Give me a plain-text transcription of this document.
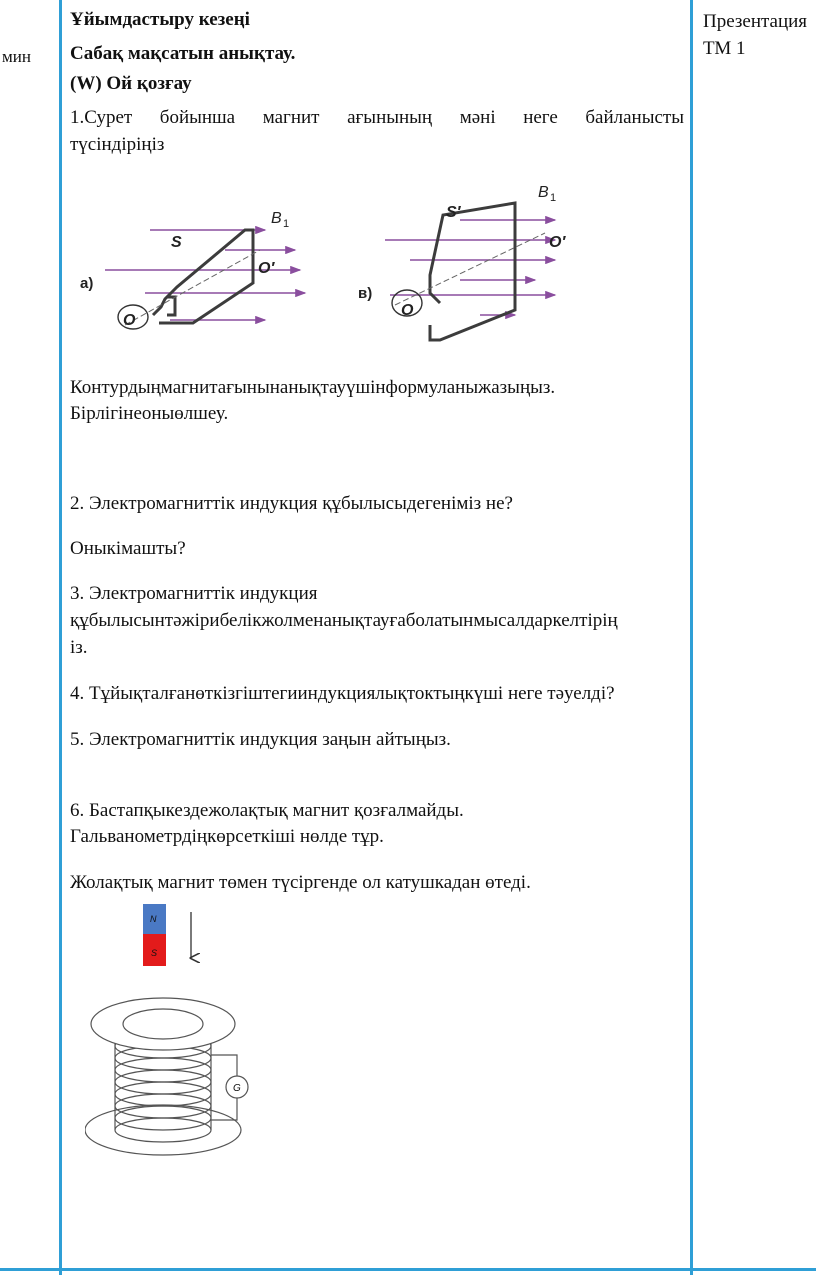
мин
Презентация
ТМ 1
Ұйымдастыру кезеңі
Сабақ мақсатын анықтау.
(W) Ой қозғау
1.Сурет бойынша магнит ағынының мәні неге байланысты
түсіндіріңіз
S
B 1
O′
O
а)
S′
B 1
O′
O
в)
Контурдыңмагнитағынынанықтауүшінформуланыжазыңыз.
Бірлігінеоныөлшеу.
2. Электромагниттік индукция құбылысыдегеніміз не?
Оныкімашты?
3. Электромагниттік индукция
құбылысынтәжірибелікжолменанықтауғаболатынмысалдаркелтірің
із.
4. Тұйықталғанөткізгіштегииндукциялықтоктыңкүші неге тәуелді?
5. Электромагниттік индукция заңын айтыңыз.
6. Бастапқыкездежолақтық магнит қозғалмайды.
Гальванометрдіңкөрсеткіші нөлде тұр.
Жолақтық магнит төмен түсіргенде ол катушкадан өтеді.
N
S
G
